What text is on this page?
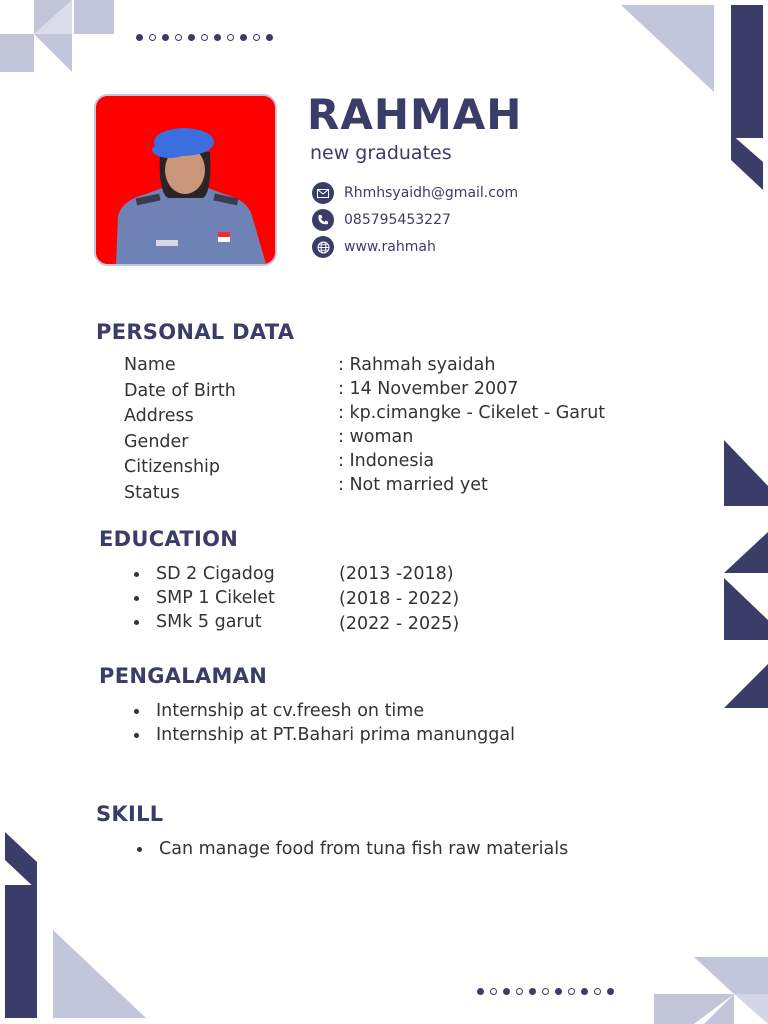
RAHMAH
new graduates
Rhmhsyaidh@gmail.com
085795453227
www.rahmah
PERSONAL DATA
Name
Date of Birth
Address
Gender
Citizenship
Status
: Rahmah syaidah
: 14 November 2007
: kp.cimangke - Cikelet - Garut
: woman
: Indonesia
: Not married yet
EDUCATION
SD 2 Cigadog
SMP 1 Cikelet
SMk 5 garut
(2013 -2018)
(2018 - 2022)
(2022 - 2025)
PENGALAMAN
Internship at cv.freesh on time
Internship at PT.Bahari prima manunggal
SKILL
Can manage food from tuna fish raw materials
